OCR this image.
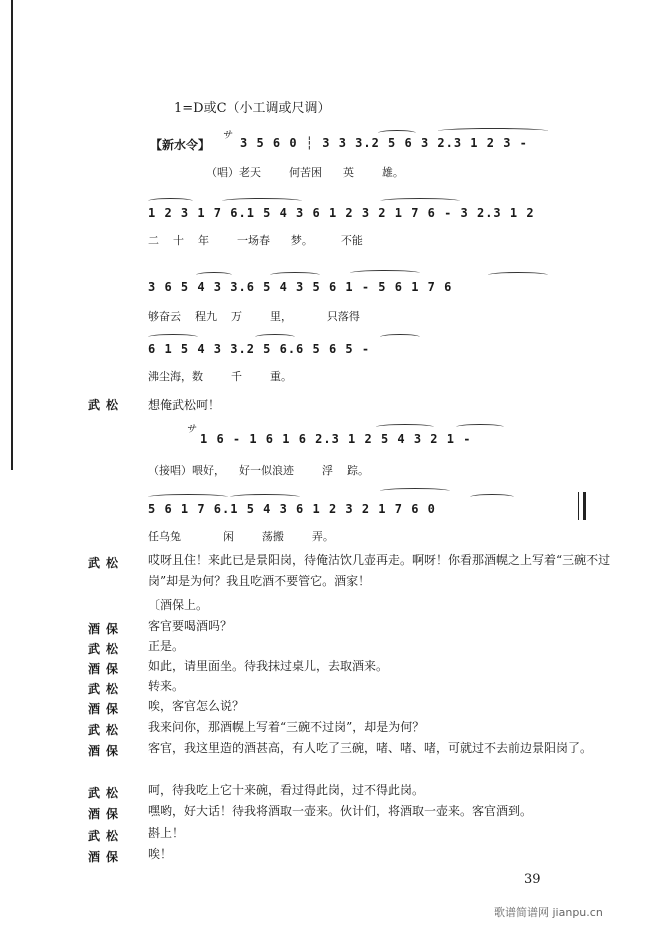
1=D或C（小工调或尺调）
【新水令】
サ
3 5 6 0 ┆ 3 3 3.2 5 6 3 2.3 1 2 3 -
（唱）老天        何苦困      英        雄。
1 2 3 1 7 6.1 5 4 3 6 1 2 3 2 1 7 6 - 3 2.3 1 2
二    十    年        一场春      梦。        不能
3 6 5 4 3 3.6 5 4 3 5 6 1 - 5 6 1 7 6
够奋云    程九    万        里，          只落得
6 1 5 4 3 3.2 5 6.6 5 6 5 -
沸尘海，数        千        重。
武松 想俺武松呵！
サ
1 6 - 1 6 1 6 2.3 1 2 5 4 3 2 1 -
（接唱）喂好，    好一似浪迹        浮    踪。
5 6 1 7 6.1 5 4 3 6 1 2 3 2 1 7 6 0
任乌兔            闲        荡搬        弄。
武松 哎呀且住！来此已是景阳岗，待俺沽饮几壶再走。啊呀！你看那酒幌之上写着“三碗不过岗”却是为何？我且吃酒不要管它。酒家！
〔酒保上。
酒保 客官要喝酒吗？
武松 正是。
酒保 如此，请里面坐。待我抹过桌儿，去取酒来。
武松 转来。
酒保 唉，客官怎么说？
武松 我来问你，那酒幌上写着“三碗不过岗”，却是为何？
酒保 客官，我这里造的酒甚高，有人吃了三碗，啫、啫、啫，可就过不去前边景阳岗了。
武松 呵，待我吃上它十来碗，看过得此岗，过不得此岗。
酒保 嘿哟，好大话！待我将酒取一壶来。伙计们，将酒取一壶来。客官酒到。
武松 斟上！
酒保 唉！
39
歌谱简谱网 jianpu.cn
